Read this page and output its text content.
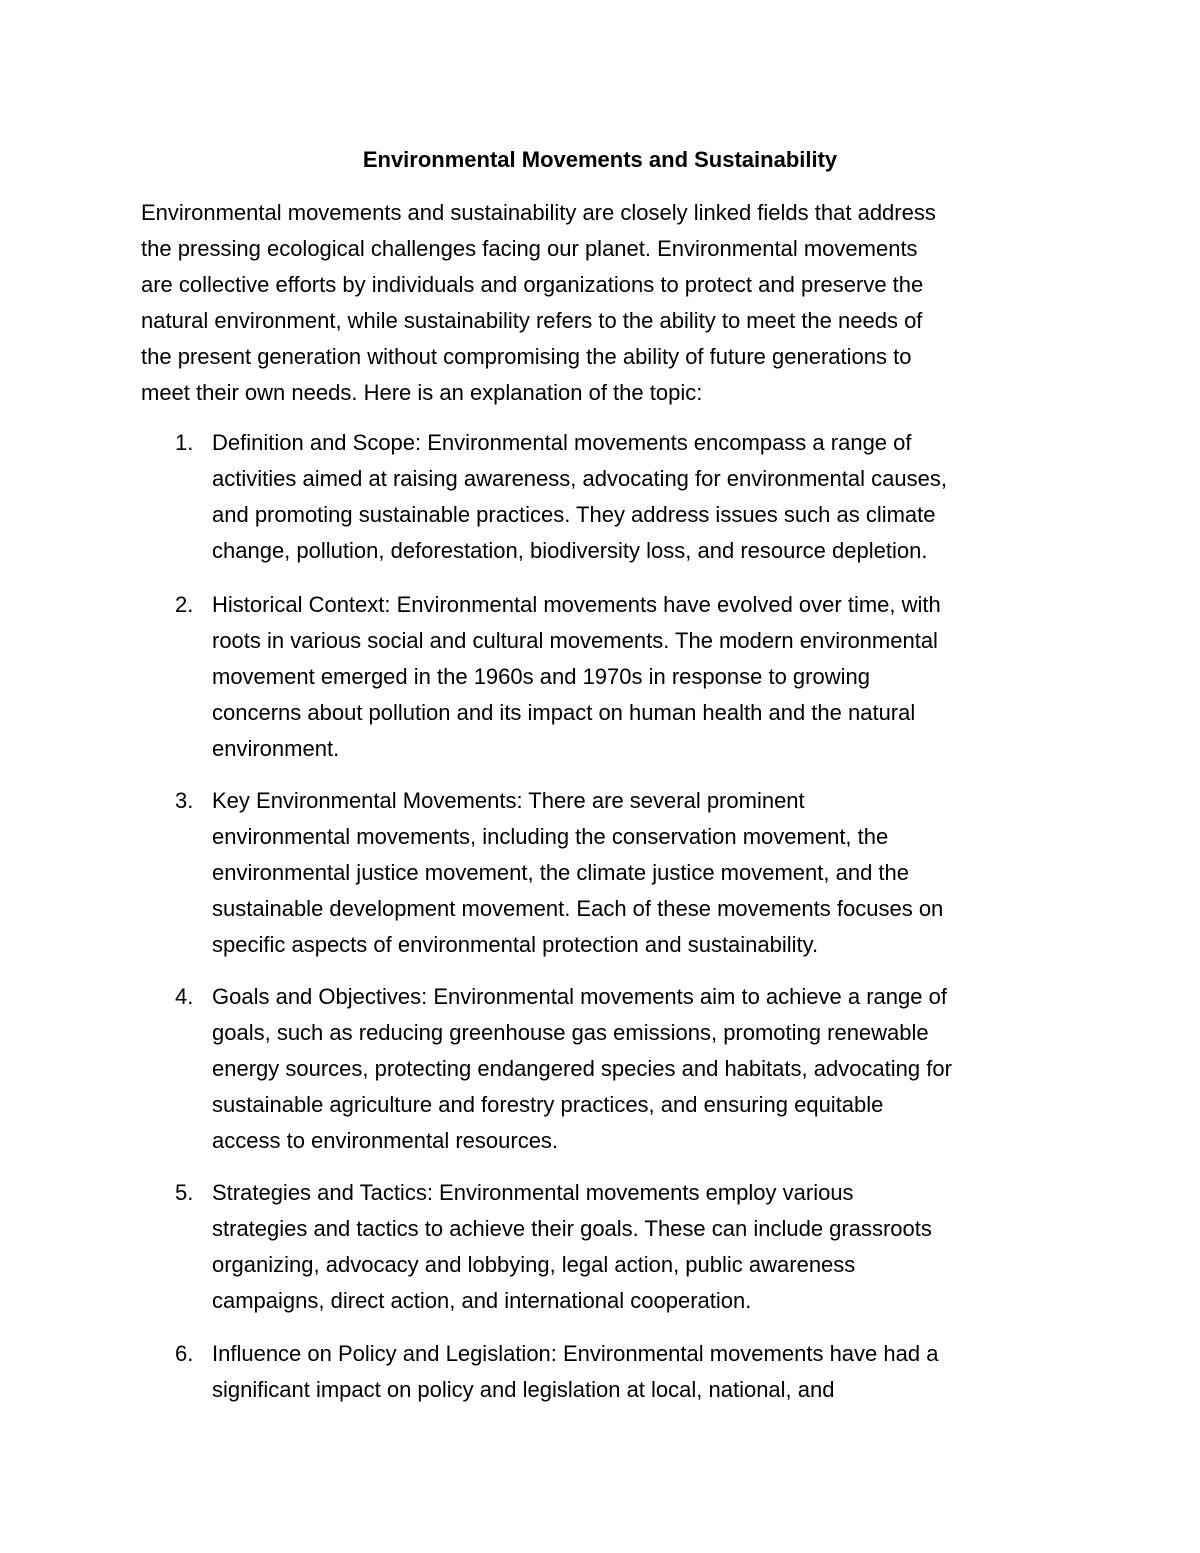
Environmental Movements and Sustainability
Environmental movements and sustainability are closely linked fields that address
the pressing ecological challenges facing our planet. Environmental movements
are collective efforts by individuals and organizations to protect and preserve the
natural environment, while sustainability refers to the ability to meet the needs of
the present generation without compromising the ability of future generations to
meet their own needs. Here is an explanation of the topic:
1. Definition and Scope: Environmental movements encompass a range of
activities aimed at raising awareness, advocating for environmental causes,
and promoting sustainable practices. They address issues such as climate
change, pollution, deforestation, biodiversity loss, and resource depletion.
2. Historical Context: Environmental movements have evolved over time, with
roots in various social and cultural movements. The modern environmental
movement emerged in the 1960s and 1970s in response to growing
concerns about pollution and its impact on human health and the natural
environment.
3. Key Environmental Movements: There are several prominent
environmental movements, including the conservation movement, the
environmental justice movement, the climate justice movement, and the
sustainable development movement. Each of these movements focuses on
specific aspects of environmental protection and sustainability.
4. Goals and Objectives: Environmental movements aim to achieve a range of
goals, such as reducing greenhouse gas emissions, promoting renewable
energy sources, protecting endangered species and habitats, advocating for
sustainable agriculture and forestry practices, and ensuring equitable
access to environmental resources.
5. Strategies and Tactics: Environmental movements employ various
strategies and tactics to achieve their goals. These can include grassroots
organizing, advocacy and lobbying, legal action, public awareness
campaigns, direct action, and international cooperation.
6. Influence on Policy and Legislation: Environmental movements have had a
significant impact on policy and legislation at local, national, and
